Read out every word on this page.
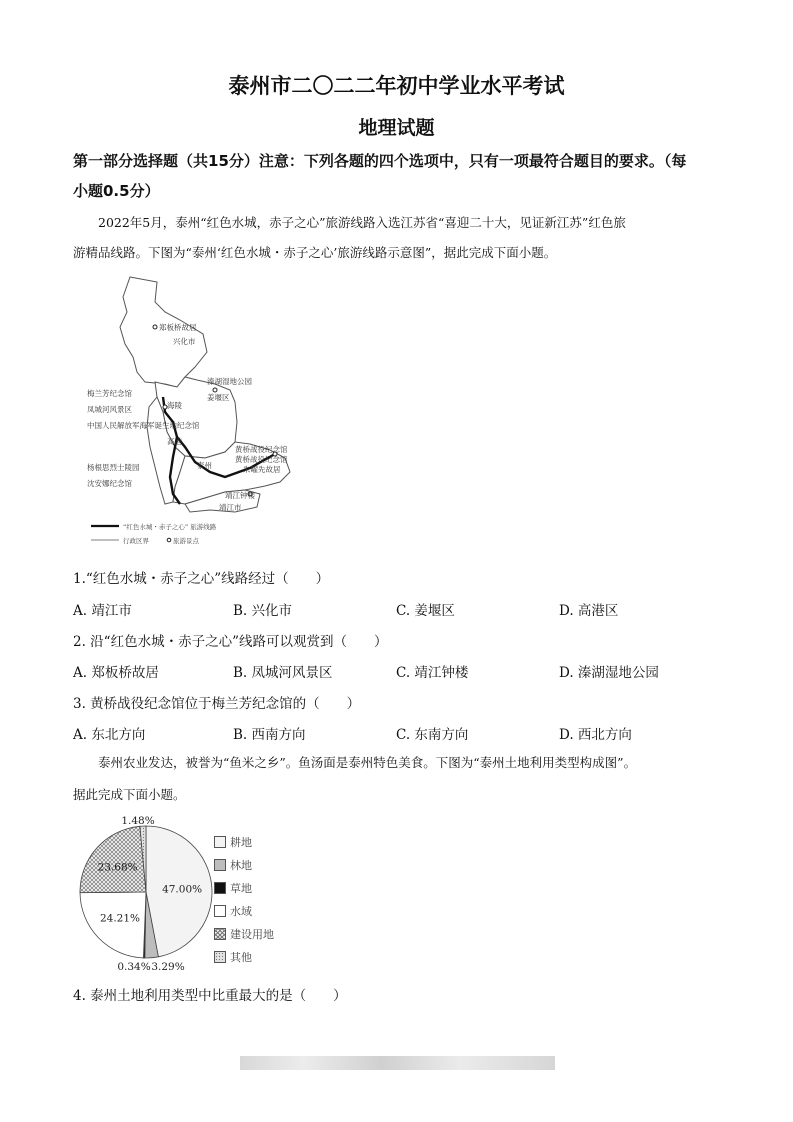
泰州市二〇二二年初中学业水平考试
地理试题
第一部分选择题（共15分）注意：下列各题的四个选项中，只有一项最符合题目的要求。（每
小题0.5分）
2022年5月，泰州“红色水城，赤子之心”旅游线路入选江苏省“喜迎二十大，见证新江苏”红色旅
游精品线路。下图为“泰州‘红色水城・赤子之心’旅游线路示意图”，据此完成下面小题。
郑板桥故居
兴化市
溱湖湿地公园
姜堰区
梅兰芳纪念馆
凤城河风景区
中国人民解放军海军诞生地纪念馆
海陵
高港
泰州
黄桥战役纪念馆
黄桥战役纪念馆
朱曜先故居
杨根思烈士陵园
沈安娜纪念馆
靖江钟楼
靖江市
“红色水城・赤子之心” 旅游线路
行政区界	旅游景点
1.“红色水城・赤子之心”线路经过（　　）
A. 靖江市	B. 兴化市	C. 姜堰区	D. 高港区
2. 沿“红色水城・赤子之心”线路可以观赏到（　　）
A. 郑板桥故居	B. 凤城河风景区	C. 靖江钟楼	D. 溱湖湿地公园
3. 黄桥战役纪念馆位于梅兰芳纪念馆的（　　）
A. 东北方向	B. 西南方向	C. 东南方向	D. 西北方向
泰州农业发达，被誉为“鱼米之乡”。鱼汤面是泰州特色美食。下图为“泰州土地利用类型构成图”。
据此完成下面小题。
47.00%
3.29%
0.34%
24.21%
23.68%
1.48%
耕地
林地
草地
水域
建设用地
其他
4. 泰州土地利用类型中比重最大的是（　　）
